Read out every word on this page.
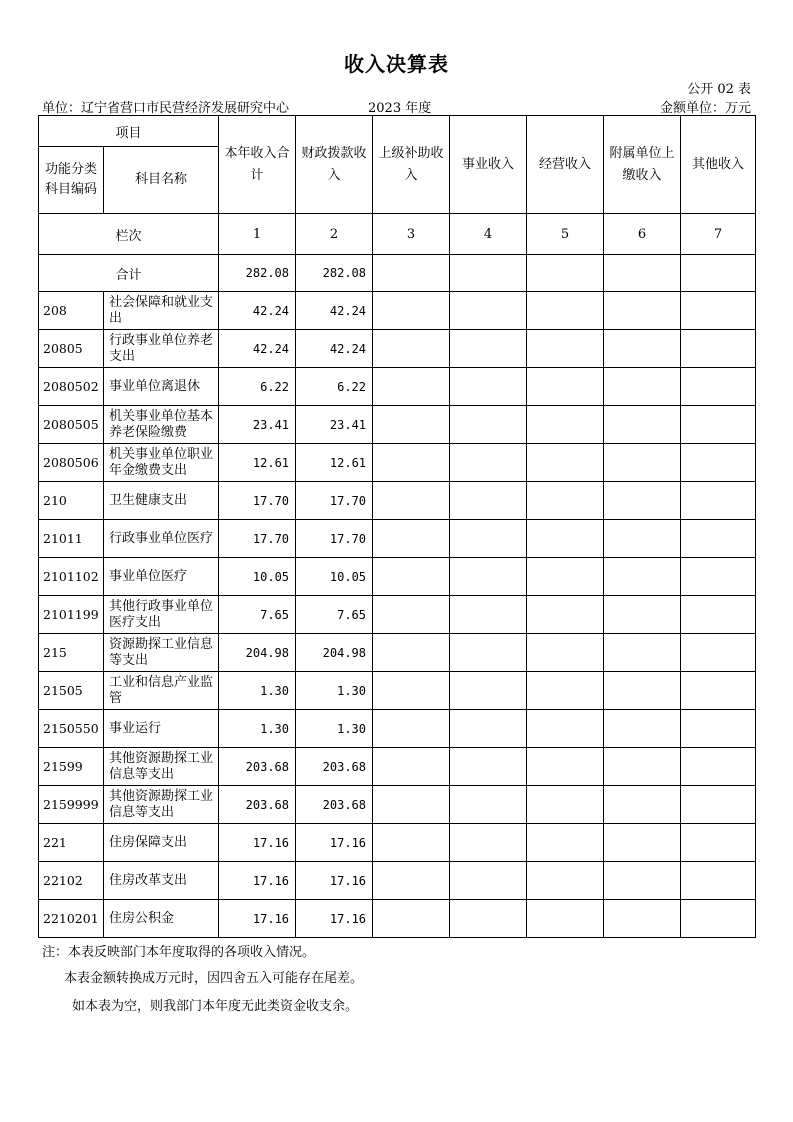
收入决算表
公开 02 表
单位：辽宁省营口市民营经济发展研究中心	2023 年度	金额单位：万元
项目		本年收入合计	财政拨款收入	上级补助收入	事业收入	经营收入	附属单位上缴收入	其他收入
功能分类科目编码	科目名称							
栏次		1	2	3	4	5	6	7
合计		282.08	282.08					
208	社会保障和就业支出	42.24	42.24					
20805	行政事业单位养老支出	42.24	42.24					
2080502	事业单位离退休	6.22	6.22					
2080505	机关事业单位基本养老保险缴费	23.41	23.41					
2080506	机关事业单位职业年金缴费支出	12.61	12.61					
210	卫生健康支出	17.70	17.70					
21011	行政事业单位医疗	17.70	17.70					
2101102	事业单位医疗	10.05	10.05					
2101199	其他行政事业单位医疗支出	7.65	7.65					
215	资源勘探工业信息等支出	204.98	204.98					
21505	工业和信息产业监管	1.30	1.30					
2150550	事业运行	1.30	1.30					
21599	其他资源勘探工业信息等支出	203.68	203.68					
2159999	其他资源勘探工业信息等支出	203.68	203.68					
221	住房保障支出	17.16	17.16					
22102	住房改革支出	17.16	17.16					
2210201	住房公积金	17.16	17.16					
注：本表反映部门本年度取得的各项收入情况。
本表金额转换成万元时，因四舍五入可能存在尾差。
如本表为空，则我部门本年度无此类资金收支余。
